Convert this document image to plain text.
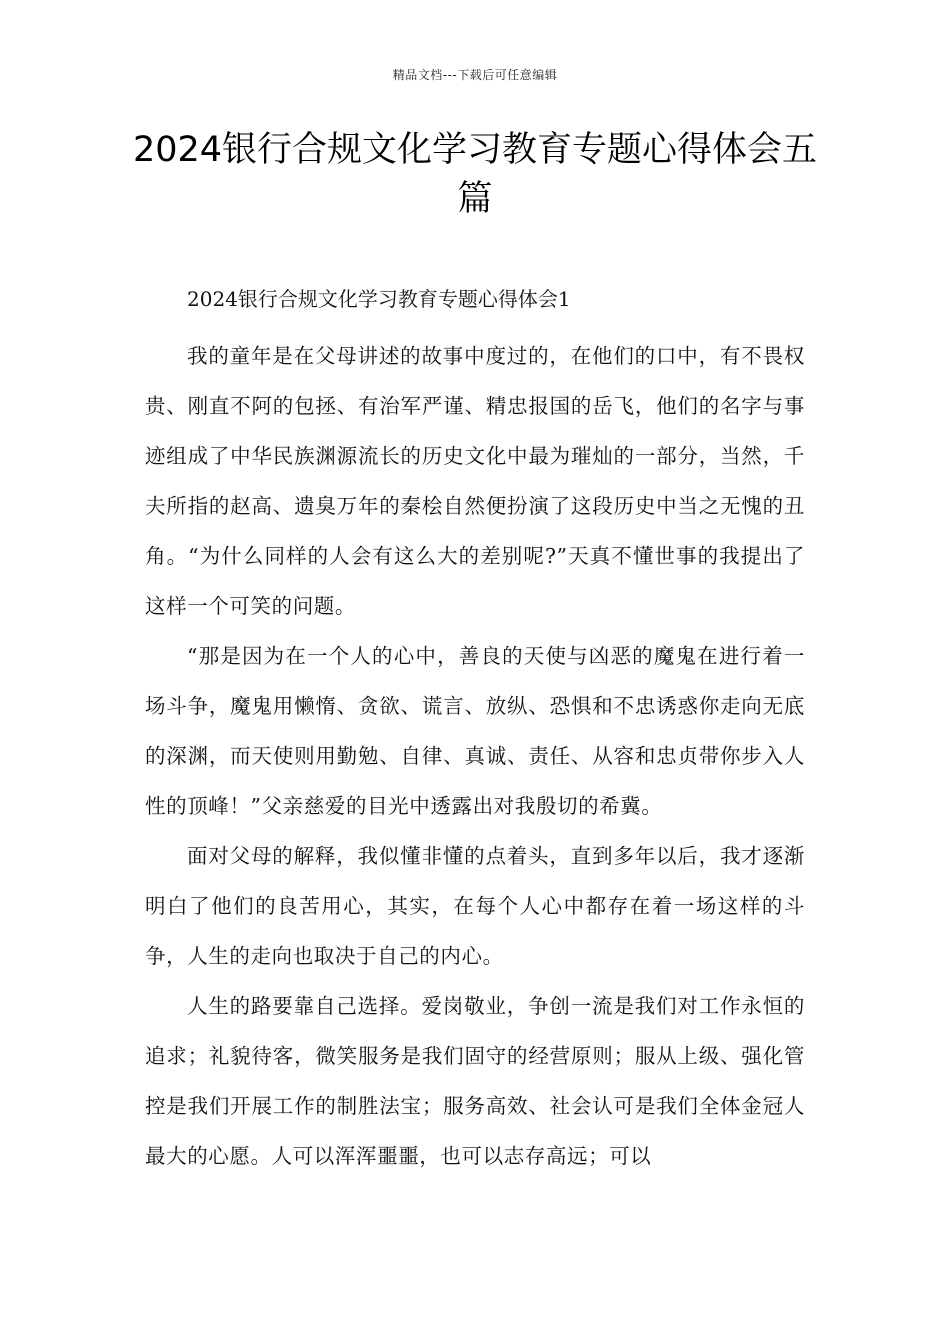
精品文档---下载后可任意编辑
2024银行合规文化学习教育专题心得体会五篇

2024银行合规文化学习教育专题心得体会1

我的童年是在父母讲述的故事中度过的，在他们的口中，有不畏权贵、刚直不阿的包拯、有治军严谨、精忠报国的岳飞，他们的名字与事迹组成了中华民族渊源流长的历史文化中最为璀灿的一部分，当然，千夫所指的赵高、遗臭万年的秦桧自然便扮演了这段历史中当之无愧的丑角。“为什么同样的人会有这么大的差别呢?”天真不懂世事的我提出了这样一个可笑的问题。

“那是因为在一个人的心中，善良的天使与凶恶的魔鬼在进行着一场斗争，魔鬼用懒惰、贪欲、谎言、放纵、恐惧和不忠诱惑你走向无底的深渊，而天使则用勤勉、自律、真诚、责任、从容和忠贞带你步入人性的顶峰！”父亲慈爱的目光中透露出对我殷切的希冀。

面对父母的解释，我似懂非懂的点着头，直到多年以后，我才逐渐明白了他们的良苦用心，其实，在每个人心中都存在着一场这样的斗争，人生的走向也取决于自己的内心。

人生的路要靠自己选择。爱岗敬业，争创一流是我们对工作永恒的追求；礼貌待客，微笑服务是我们固守的经营原则；服从上级、强化管控是我们开展工作的制胜法宝；服务高效、社会认可是我们全体金冠人最大的心愿。人可以浑浑噩噩，也可以志存高远；可以
